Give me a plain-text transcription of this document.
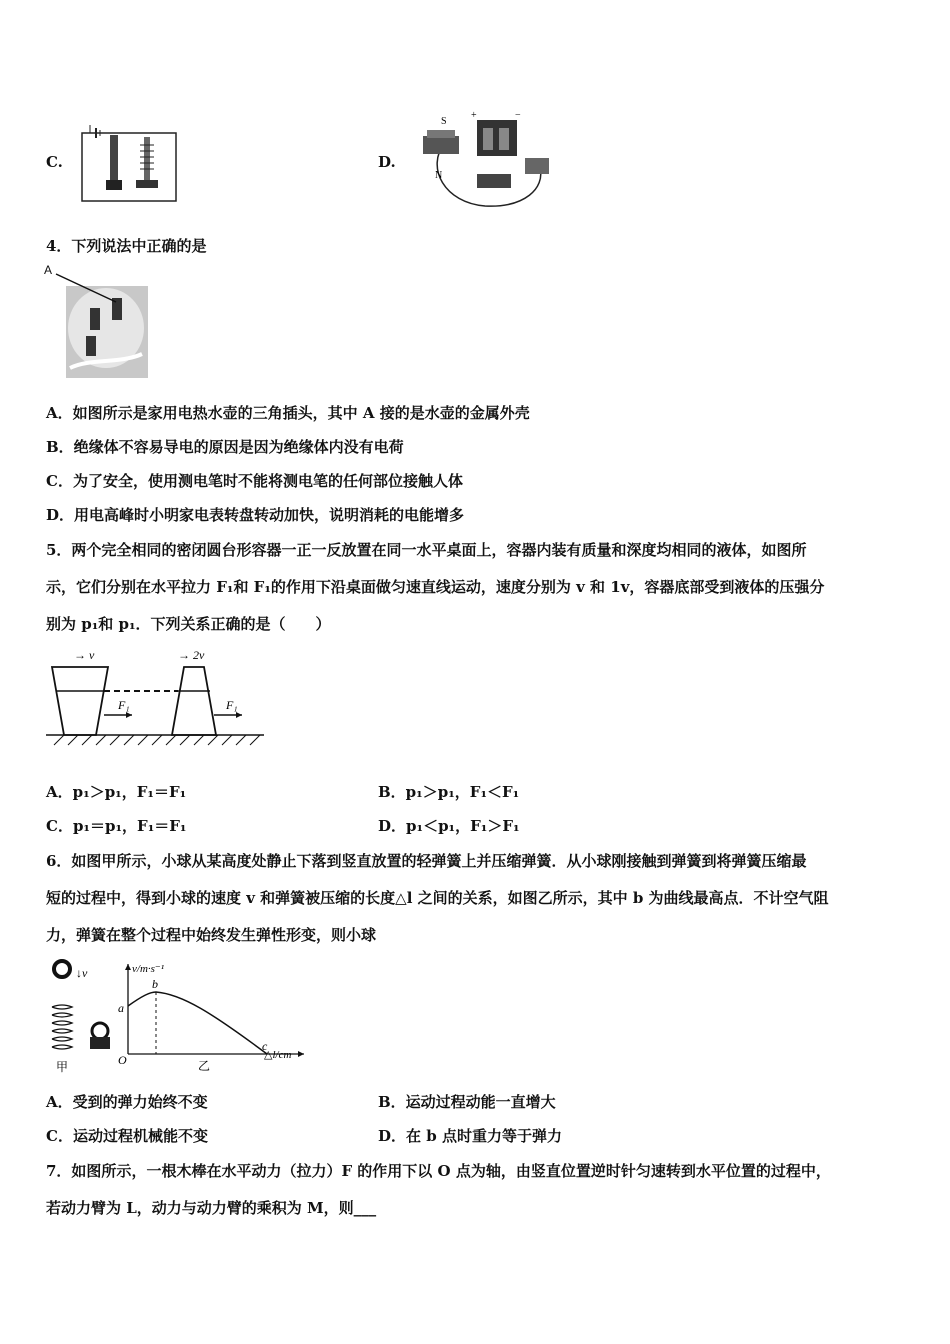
C.	D.
S
N
+	−
4．下列说法中正确的是
A
A．如图所示是家用电热水壶的三角插头，其中 A 接的是水壶的金属外壳
B．绝缘体不容易导电的原因是因为绝缘体内没有电荷
C．为了安全，使用测电笔时不能将测电笔的任何部位接触人体
D．用电高峰时小明家电表转盘转动加快，说明消耗的电能增多
5．两个完全相同的密闭圆台形容器一正一反放置在同一水平桌面上，容器内装有质量和深度均相同的液体，如图所
示，它们分别在水平拉力 F₁和 F₁的作用下沿桌面做匀速直线运动，速度分别为 v 和 1v，容器底部受到液体的压强分
别为 p₁和 p₁．下列关系正确的是（　　）
→ v	→ 2v
F₁	F₁
A．p₁＞p₁，F₁＝F₁	B．p₁＞p₁，F₁＜F₁
C．p₁＝p₁，F₁＝F₁	D．p₁＜p₁，F₁＞F₁
6．如图甲所示，小球从某高度处静止下落到竖直放置的轻弹簧上并压缩弹簧．从小球刚接触到弹簧到将弹簧压缩最
短的过程中，得到小球的速度 v 和弹簧被压缩的长度△l 之间的关系，如图乙所示，其中 b 为曲线最高点．不计空气阻
力，弹簧在整个过程中始终发生弹性形变，则小球
↓v
甲
v/m·s⁻¹
△l/cm
O
a
b
c
乙
A．受到的弹力始终不变	B．运动过程动能一直增大
C．运动过程机械能不变	D．在 b 点时重力等于弹力
7．如图所示，一根木棒在水平动力（拉力）F 的作用下以 O 点为轴，由竖直位置逆时针匀速转到水平位置的过程中，
若动力臂为 L，动力与动力臂的乘积为 M，则___
